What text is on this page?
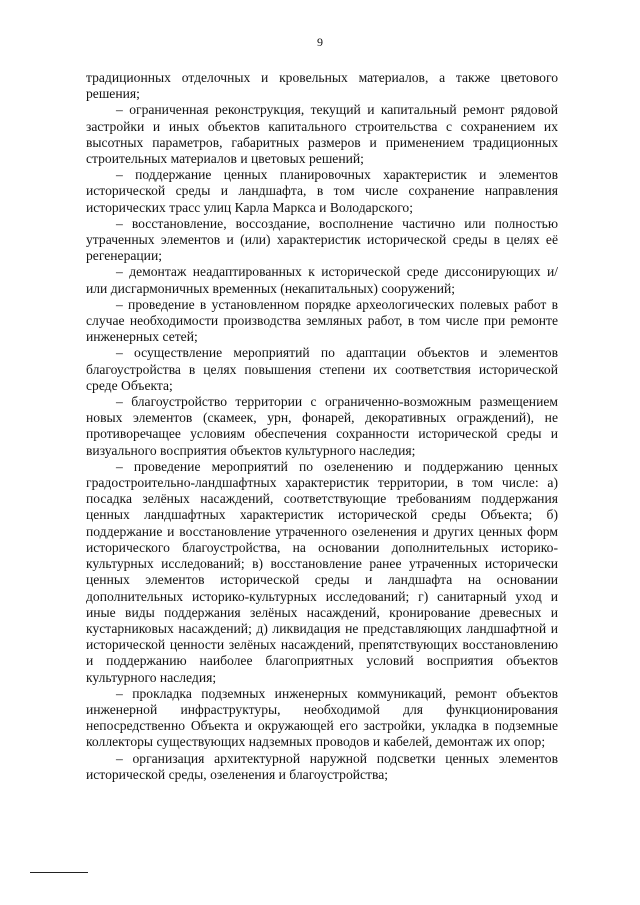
9

традиционных отделочных и кровельных материалов, а также цветового решения;

– ограниченная реконструкция, текущий и капитальный ремонт рядовой застройки и иных объектов капитального строительства с сохранением их высотных параметров, габаритных размеров и применением традиционных строительных материалов и цветовых решений;

– поддержание ценных планировочных характеристик и элементов исторической среды и ландшафта, в том числе сохранение направления исторических трасс улиц Карла Маркса и Володарского;

– восстановление, воссоздание, восполнение частично или полностью утраченных элементов и (или) характеристик исторической среды в целях её регенерации;

– демонтаж неадаптированных к исторической среде диссонирующих и/или дисгармоничных временных (некапитальных) сооружений;

– проведение в установленном порядке археологических полевых работ в случае необходимости производства земляных работ, в том числе при ремонте инженерных сетей;

– осуществление мероприятий по адаптации объектов и элементов благоустройства в целях повышения степени их соответствия исторической среде Объекта;

– благоустройство территории с ограниченно-возможным размещением новых элементов (скамеек, урн, фонарей, декоративных ограждений), не противоречащее условиям обеспечения сохранности исторической среды и визуального восприятия объектов культурного наследия;

– проведение мероприятий по озеленению и поддержанию ценных градостроительно-ландшафтных характеристик территории, в том числе: а) посадка зелёных насаждений, соответствующие требованиям поддержания ценных ландшафтных характеристик исторической среды Объекта; б) поддержание и восстановление утраченного озеленения и других ценных форм исторического благоустройства, на основании дополнительных историко-культурных исследований; в) восстановление ранее утраченных исторически ценных элементов исторической среды и ландшафта на основании дополнительных историко-культурных исследований; г) санитарный уход и иные виды поддержания зелёных насаждений, кронирование древесных и кустарниковых насаждений; д) ликвидация не представляющих ландшафтной и исторической ценности зелёных насаждений, препятствующих восстановлению и поддержанию наиболее благоприятных условий восприятия объектов культурного наследия;

– прокладка подземных инженерных коммуникаций, ремонт объектов инженерной инфраструктуры, необходимой для функционирования непосредственно Объекта и окружающей его застройки, укладка в подземные коллекторы существующих надземных проводов и кабелей, демонтаж их опор;

– организация архитектурной наружной подсветки ценных элементов исторической среды, озеленения и благоустройства;
